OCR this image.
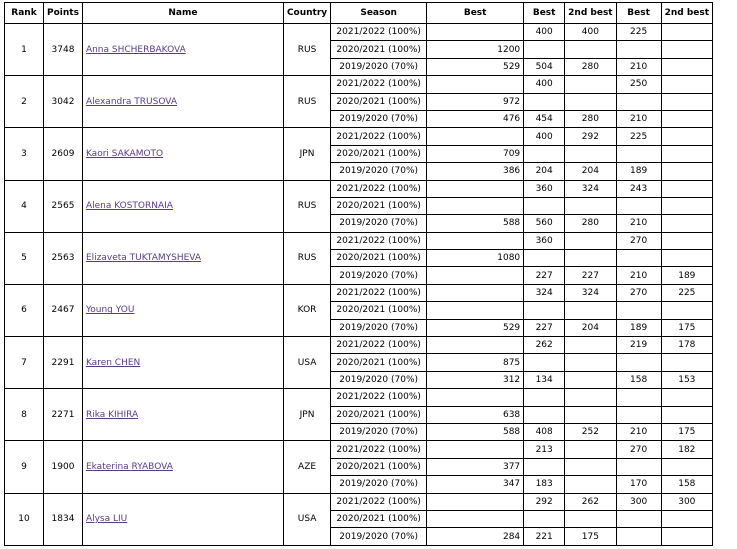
Rank	Points	Name	Country	Season	Best	Best	2nd best	Best	2nd best
1	3748	Anna SHCHERBAKOVA	RUS	2021/2022 (100%)		400	400	225	
				2020/2021 (100%)	1200				
				2019/2020 (70%)	529	504	280	210	
2	3042	Alexandra TRUSOVA	RUS	2021/2022 (100%)		400		250	
				2020/2021 (100%)	972				
				2019/2020 (70%)	476	454	280	210	
3	2609	Kaori SAKAMOTO	JPN	2021/2022 (100%)		400	292	225	
				2020/2021 (100%)	709				
				2019/2020 (70%)	386	204	204	189	
4	2565	Alena KOSTORNAIA	RUS	2021/2022 (100%)		360	324	243	
				2020/2021 (100%)					
				2019/2020 (70%)	588	560	280	210	
5	2563	Elizaveta TUKTAMYSHEVA	RUS	2021/2022 (100%)		360		270	
				2020/2021 (100%)	1080				
				2019/2020 (70%)		227	227	210	189
6	2467	Young YOU	KOR	2021/2022 (100%)		324	324	270	225
				2020/2021 (100%)					
				2019/2020 (70%)	529	227	204	189	175
7	2291	Karen CHEN	USA	2021/2022 (100%)		262		219	178
				2020/2021 (100%)	875				
				2019/2020 (70%)	312	134		158	153
8	2271	Rika KIHIRA	JPN	2021/2022 (100%)					
				2020/2021 (100%)	638				
				2019/2020 (70%)	588	408	252	210	175
9	1900	Ekaterina RYABOVA	AZE	2021/2022 (100%)		213		270	182
				2020/2021 (100%)	377				
				2019/2020 (70%)	347	183		170	158
10	1834	Alysa LIU	USA	2021/2022 (100%)		292	262	300	300
				2020/2021 (100%)					
				2019/2020 (70%)	284	221	175		
